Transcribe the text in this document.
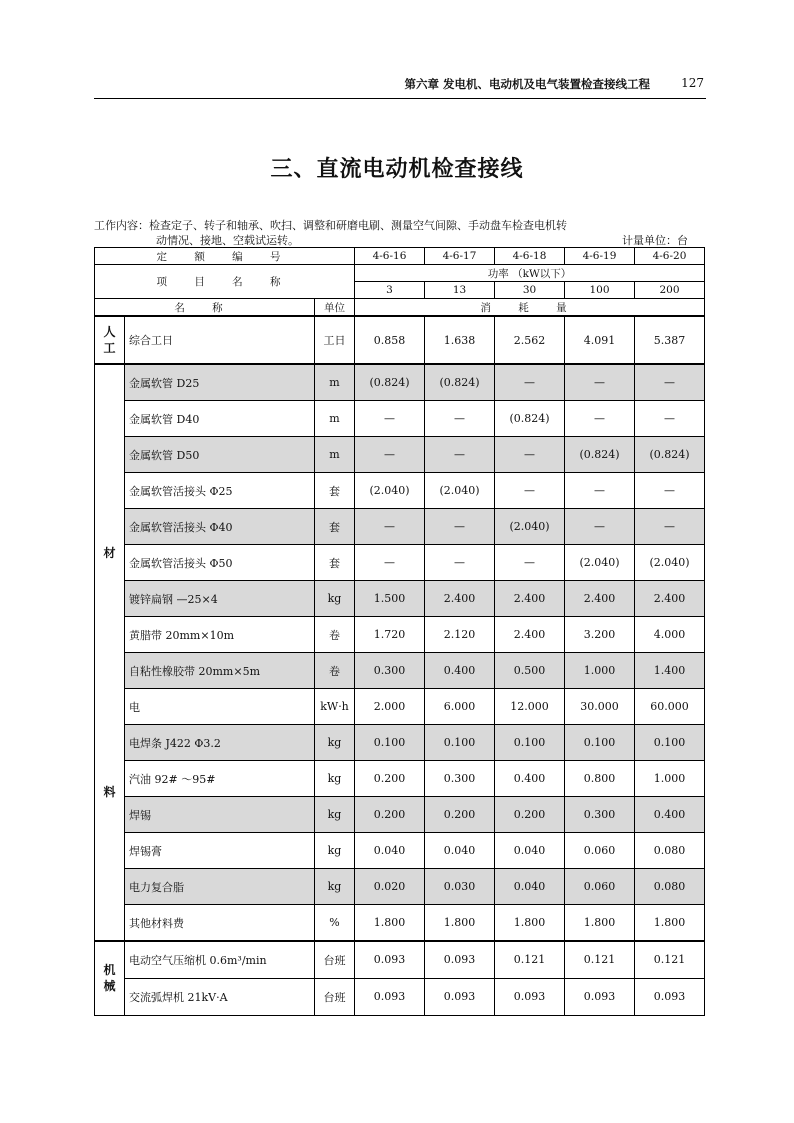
第六章 发电机、电动机及电气装置检查接线工程	127
三、直流电动机检查接线
工作内容：检查定子、转子和轴承、吹扫、调整和研磨电刷、测量空气间隙、手动盘车检查电机转
动情况、接地、空载试运转。	计量单位：台
定 额 编 号			4-6-16	4-6-17	4-6-18	4-6-19	4-6-20
项 目 名 称			功率 （kW以下）				
			3	13	30	100	200
名 称		单位	消 耗 量				
人
工	综合工日	工日	0.858	1.638	2.562	4.091	5.387

材
料	金属软管 D25	m	(0.824)	(0.824)	—	—	—
	金属软管 D40	m	—	—	(0.824)	—	—
	金属软管 D50	m	—	—	—	(0.824)	(0.824)
	金属软管活接头 Φ25	套	(2.040)	(2.040)	—	—	—
	金属软管活接头 Φ40	套	—	—	(2.040)	—	—
	金属软管活接头 Φ50	套	—	—	—	(2.040)	(2.040)
	镀锌扁钢 —25×4	kg	1.500	2.400	2.400	2.400	2.400
	黄腊带 20mm×10m	卷	1.720	2.120	2.400	3.200	4.000
	自粘性橡胶带 20mm×5m	卷	0.300	0.400	0.500	1.000	1.400
	电	kW·h	2.000	6.000	12.000	30.000	60.000
	电焊条 J422 Φ3.2	kg	0.100	0.100	0.100	0.100	0.100
	汽油 92# ～95#	kg	0.200	0.300	0.400	0.800	1.000
	焊锡	kg	0.200	0.200	0.200	0.300	0.400
	焊锡膏	kg	0.040	0.040	0.040	0.060	0.080
	电力复合脂	kg	0.020	0.030	0.040	0.060	0.080
	其他材料费	%	1.800	1.800	1.800	1.800	1.800
机
械	电动空气压缩机 0.6m³/min	台班	0.093	0.093	0.121	0.121	0.121
	交流弧焊机 21kV·A	台班	0.093	0.093	0.093	0.093	0.093
